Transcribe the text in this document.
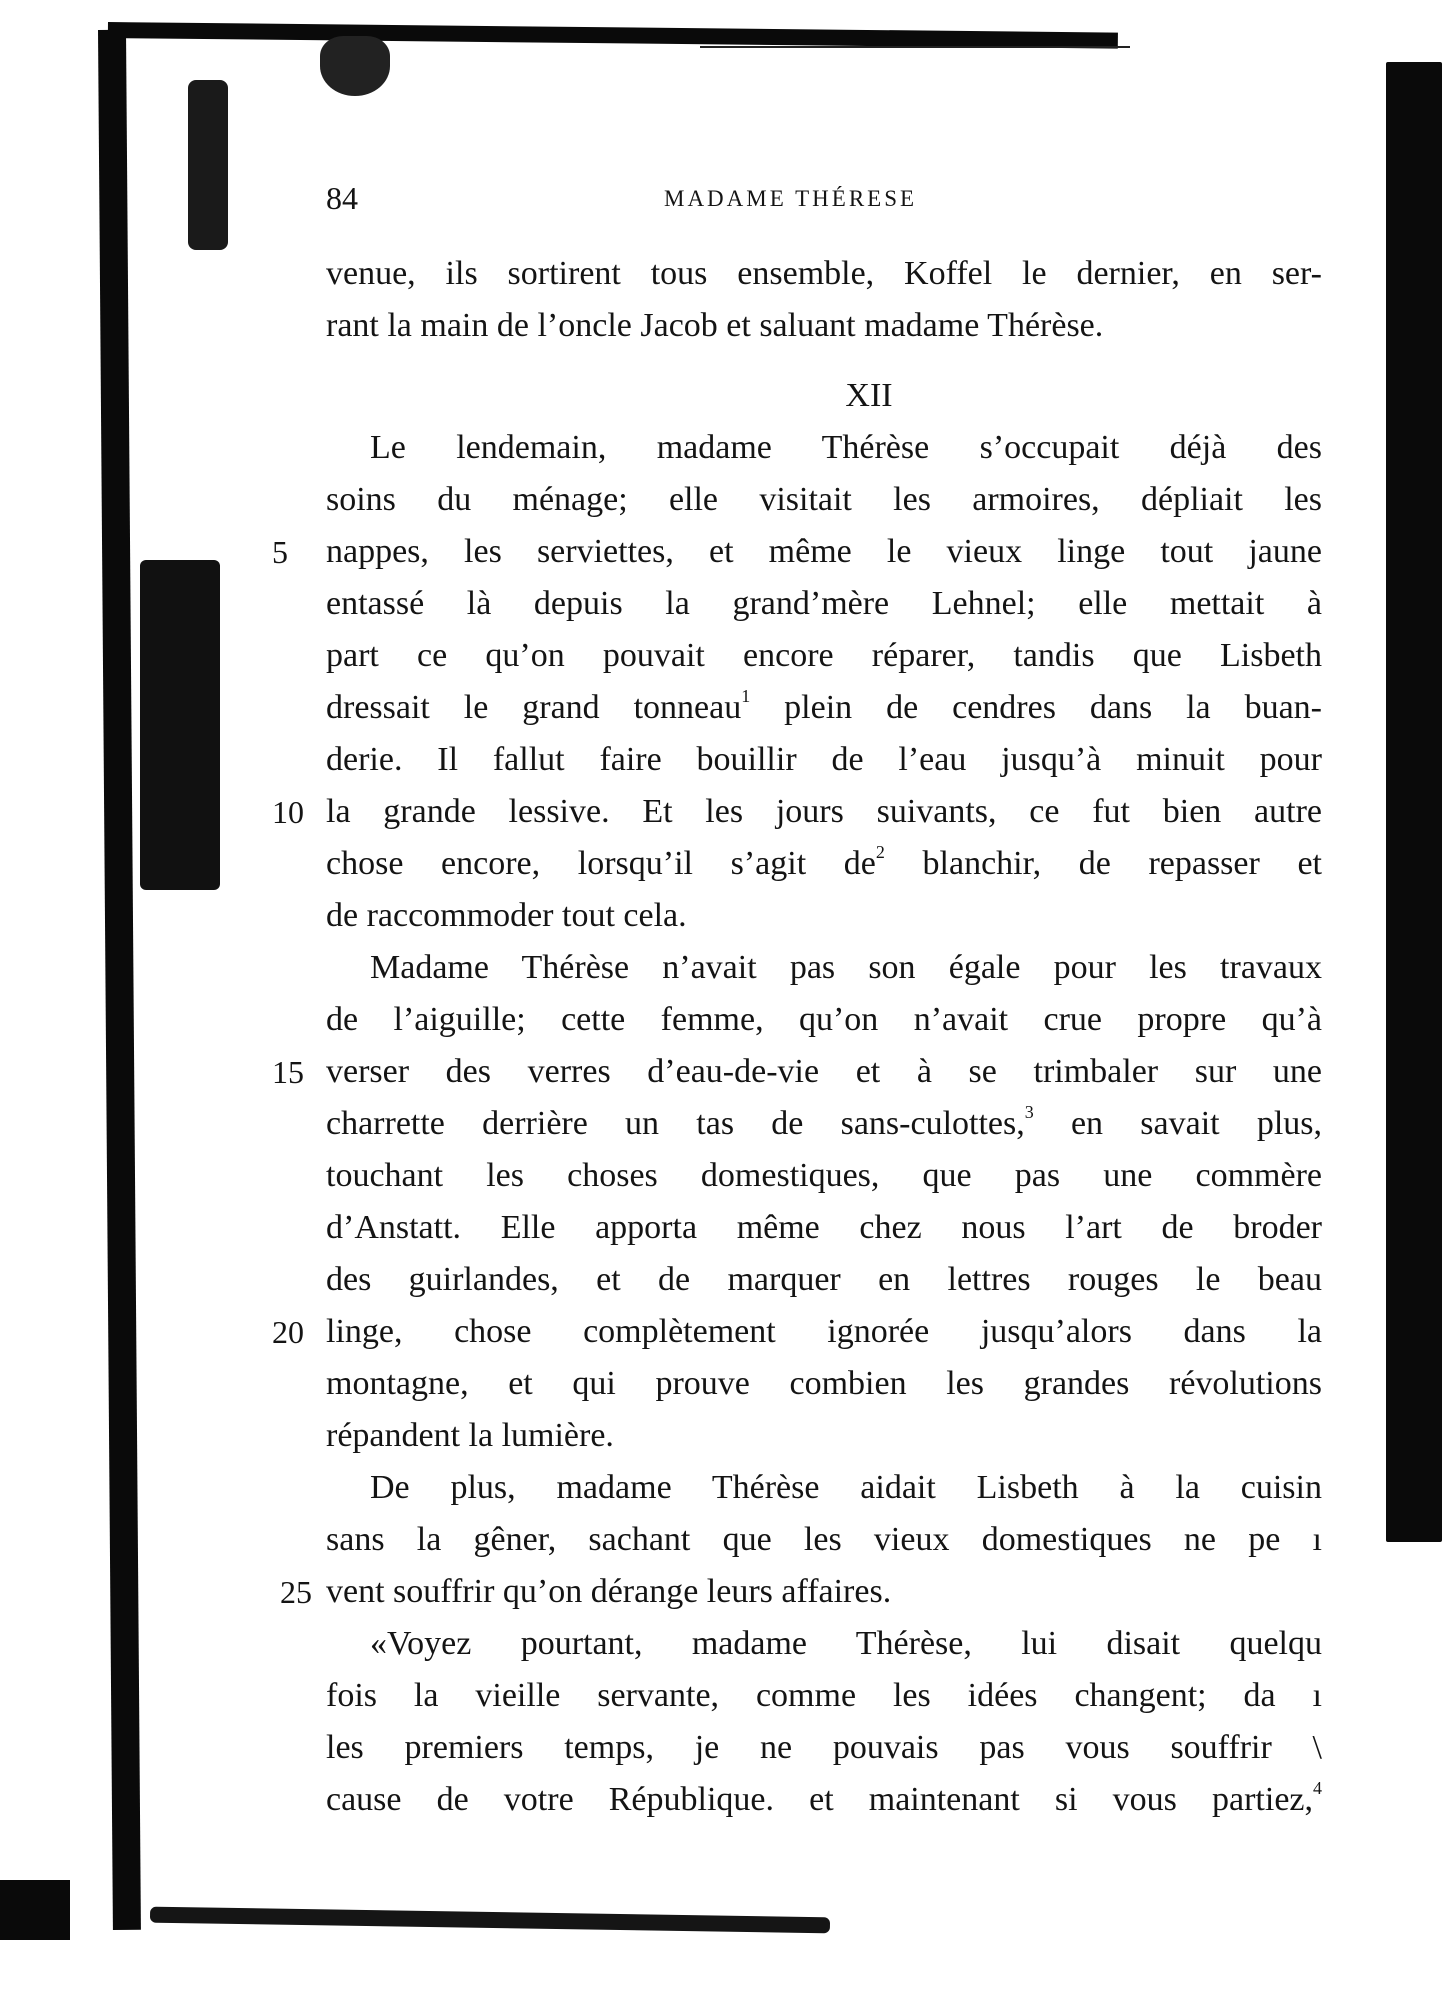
84	MADAME THÉRESE
venue, ils sortirent tous ensemble, Koffel le dernier, en ser-
rant la main de l’oncle Jacob et saluant madame Thérèse.
XII
Le lendemain, madame Thérèse s’occupait déjà des
soins du ménage; elle visitait les armoires, dépliait les
5	nappes, les serviettes, et même le vieux linge tout jaune
entassé là depuis la grand’mère Lehnel; elle mettait à
part ce qu’on pouvait encore réparer, tandis que Lisbeth
dressait le grand tonneau$^1$ plein de cendres dans la buan-
derie. Il fallut faire bouillir de l’eau jusqu’à minuit pour
10 la grande lessive. Et les jours suivants, ce fut bien autre
chose encore, lorsqu’il s’agit $de^2$ blanchir, de repasser et
de raccommoder tout cela.
Madame Thérèse n’avait pas son égale pour les travaux
de l’aiguille; cette femme, qu’on n’avait crue propre qu’à
15 verser des verres d’eau-de-vie et à se trimbaler sur une
charrette derrière un tas de sans-culottes,$^3$ en savait plus,
touchant les choses domestiques, que pas une commère
d’Anstatt. Elle apporta même chez nous l’art de broder
des guirlandes, et de marquer en lettres rouges le beau
20 linge, chose complètement ignorée jusqu’alors dans la
montagne, et qui prouve combien les grandes révolutions
répandent la lumière.
De plus, madame Thérèse aidait Lisbeth à la cuisin
sans la gêner, sachant que les vieux domestiques ne pe ı
25 vent souffrir qu’on dérange leurs affaires.
«Voyez pourtant, madame Thérèse, lui disait quelqu
fois la vieille servante, comme les idées changent; da ı
les premiers temps, je ne pouvais pas vous souffrir \
cause de votre République. et maintenant si vous partiez,$^4$
